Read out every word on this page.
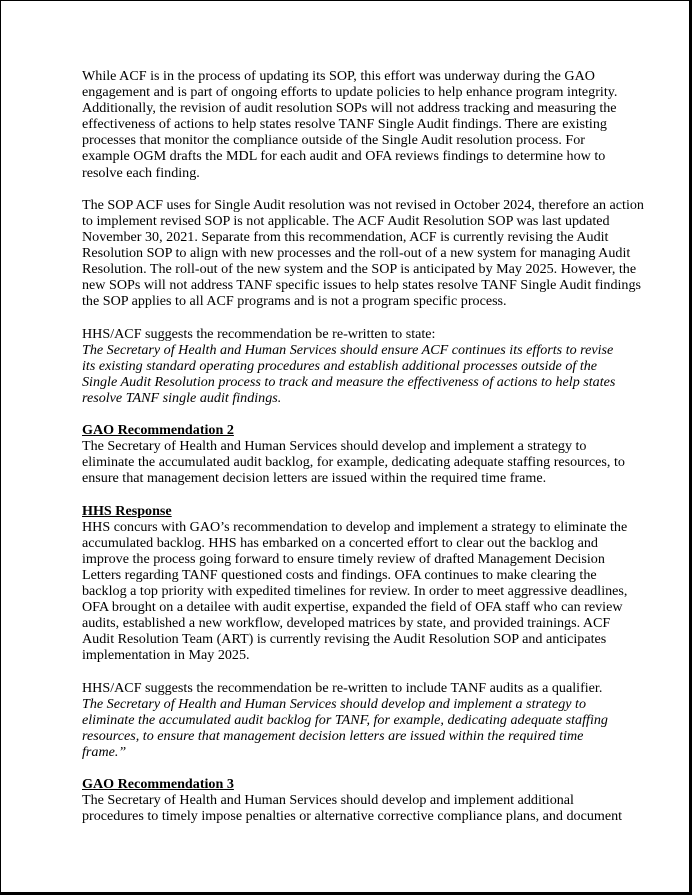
While ACF is in the process of updating its SOP, this effort was underway during the GAO
engagement and is part of ongoing efforts to update policies to help enhance program integrity.
Additionally, the revision of audit resolution SOPs will not address tracking and measuring the
effectiveness of actions to help states resolve TANF Single Audit findings. There are existing
processes that monitor the compliance outside of the Single Audit resolution process. For
example OGM drafts the MDL for each audit and OFA reviews findings to determine how to
resolve each finding.
The SOP ACF uses for Single Audit resolution was not revised in October 2024, therefore an action
to implement revised SOP is not applicable. The ACF Audit Resolution SOP was last updated
November 30, 2021. Separate from this recommendation, ACF is currently revising the Audit
Resolution SOP to align with new processes and the roll-out of a new system for managing Audit
Resolution. The roll-out of the new system and the SOP is anticipated by May 2025. However, the
new SOPs will not address TANF specific issues to help states resolve TANF Single Audit findings
the SOP applies to all ACF programs and is not a program specific process.
HHS/ACF suggests the recommendation be re-written to state:
The Secretary of Health and Human Services should ensure ACF continues its efforts to revise
its existing standard operating procedures and establish additional processes outside of the
Single Audit Resolution process to track and measure the effectiveness of actions to help states
resolve TANF single audit findings.
GAO Recommendation 2
The Secretary of Health and Human Services should develop and implement a strategy to
eliminate the accumulated audit backlog, for example, dedicating adequate staffing resources, to
ensure that management decision letters are issued within the required time frame.
HHS Response
HHS concurs with GAO’s recommendation to develop and implement a strategy to eliminate the
accumulated backlog. HHS has embarked on a concerted effort to clear out the backlog and
improve the process going forward to ensure timely review of drafted Management Decision
Letters regarding TANF questioned costs and findings. OFA continues to make clearing the
backlog a top priority with expedited timelines for review. In order to meet aggressive deadlines,
OFA brought on a detailee with audit expertise, expanded the field of OFA staff who can review
audits, established a new workflow, developed matrices by state, and provided trainings. ACF
Audit Resolution Team (ART) is currently revising the Audit Resolution SOP and anticipates
implementation in May 2025.
HHS/ACF suggests the recommendation be re-written to include TANF audits as a qualifier.
The Secretary of Health and Human Services should develop and implement a strategy to
eliminate the accumulated audit backlog for TANF, for example, dedicating adequate staffing
resources, to ensure that management decision letters are issued within the required time
frame.”
GAO Recommendation 3
The Secretary of Health and Human Services should develop and implement additional
procedures to timely impose penalties or alternative corrective compliance plans, and document
